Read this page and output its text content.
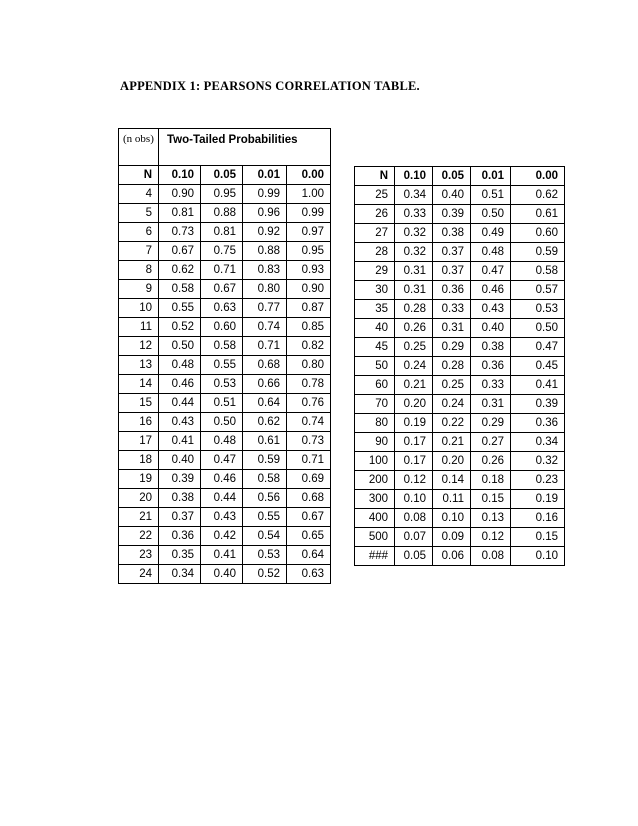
APPENDIX 1: PEARSONS CORRELATION TABLE.
(n obs)	Two-Tailed Probabilities			
N	0.10	0.05	0.01	0.00
4	0.90	0.95	0.99	1.00
5	0.81	0.88	0.96	0.99
6	0.73	0.81	0.92	0.97
7	0.67	0.75	0.88	0.95
8	0.62	0.71	0.83	0.93
9	0.58	0.67	0.80	0.90
10	0.55	0.63	0.77	0.87
11	0.52	0.60	0.74	0.85
12	0.50	0.58	0.71	0.82
13	0.48	0.55	0.68	0.80
14	0.46	0.53	0.66	0.78
15	0.44	0.51	0.64	0.76
16	0.43	0.50	0.62	0.74
17	0.41	0.48	0.61	0.73
18	0.40	0.47	0.59	0.71
19	0.39	0.46	0.58	0.69
20	0.38	0.44	0.56	0.68
21	0.37	0.43	0.55	0.67
22	0.36	0.42	0.54	0.65
23	0.35	0.41	0.53	0.64
24	0.34	0.40	0.52	0.63
N	0.10	0.05	0.01	0.00
25	0.34	0.40	0.51	0.62
26	0.33	0.39	0.50	0.61
27	0.32	0.38	0.49	0.60
28	0.32	0.37	0.48	0.59
29	0.31	0.37	0.47	0.58
30	0.31	0.36	0.46	0.57
35	0.28	0.33	0.43	0.53
40	0.26	0.31	0.40	0.50
45	0.25	0.29	0.38	0.47
50	0.24	0.28	0.36	0.45
60	0.21	0.25	0.33	0.41
70	0.20	0.24	0.31	0.39
80	0.19	0.22	0.29	0.36
90	0.17	0.21	0.27	0.34
100	0.17	0.20	0.26	0.32
200	0.12	0.14	0.18	0.23
300	0.10	0.11	0.15	0.19
400	0.08	0.10	0.13	0.16
500	0.07	0.09	0.12	0.15
###	0.05	0.06	0.08	0.10
